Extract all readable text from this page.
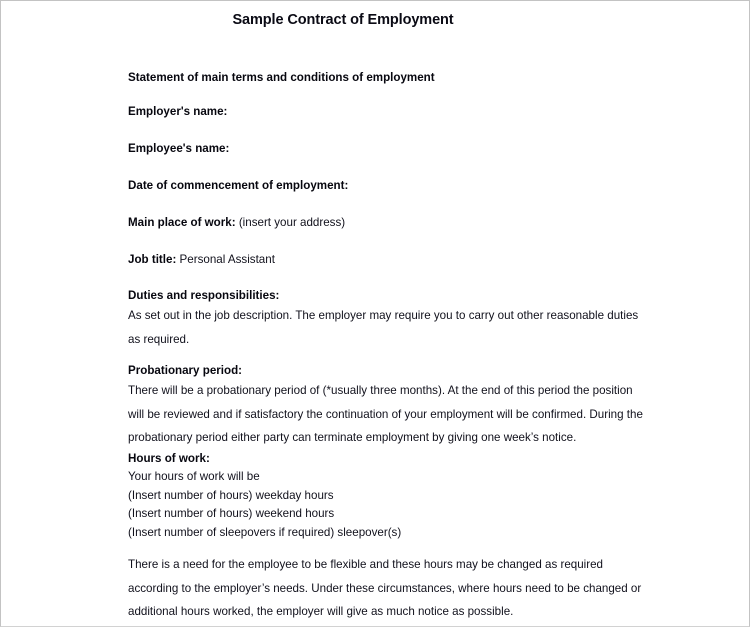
Sample Contract of Employment
Statement of main terms and conditions of employment
Employer's name:
Employee's name:
Date of commencement of employment:
Main place of work: (insert your address)
Job title: Personal Assistant
Duties and responsibilities:
As set out in the job description. The employer may require you to carry out other reasonable duties as required.
Probationary period:
There will be a probationary period of (*usually three months). At the end of this period the position will be reviewed and if satisfactory the continuation of your employment will be confirmed. During the probationary period either party can terminate employment by giving one week’s notice.
Hours of work:
Your hours of work will be
(Insert number of hours) weekday hours
(Insert number of hours) weekend hours
(Insert number of sleepovers if required) sleepover(s)
There is a need for the employee to be flexible and these hours may be changed as required according to the employer’s needs. Under these circumstances, where hours need to be changed or additional hours worked, the employer will give as much notice as possible.
